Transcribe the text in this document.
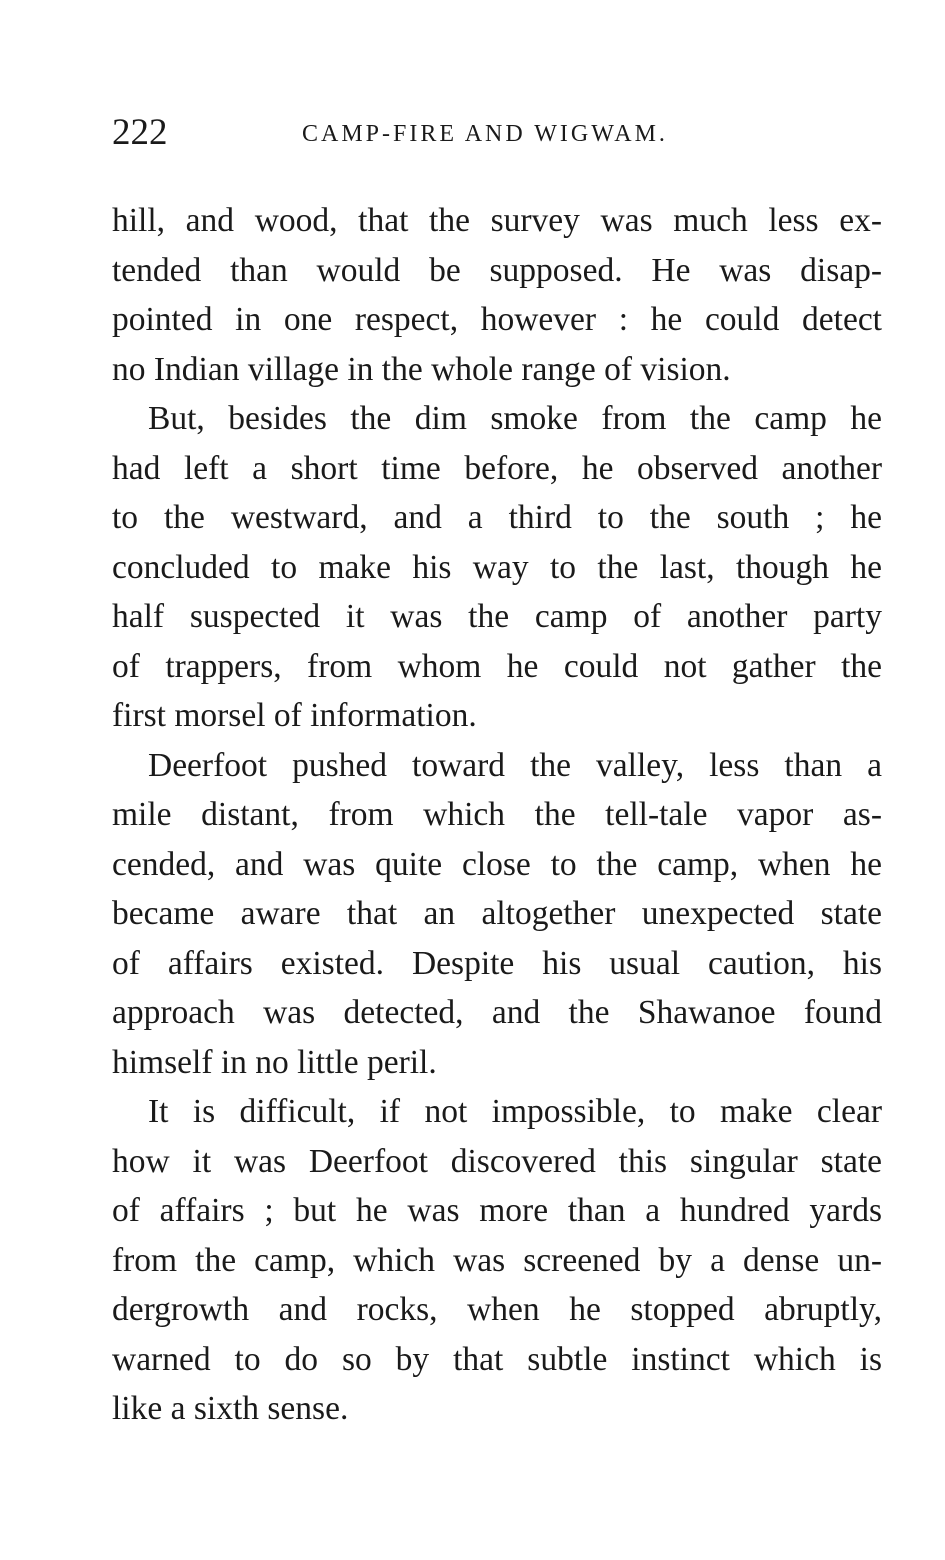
222	CAMP-FIRE AND WIGWAM.
hill, and wood, that the survey was much less ex-
tended than would be supposed. He was disap-
pointed in one respect, however : he could detect
no Indian village in the whole range of vision.
But, besides the dim smoke from the camp he
had left a short time before, he observed another
to the westward, and a third to the south ; he
concluded to make his way to the last, though he
half suspected it was the camp of another party
of trappers, from whom he could not gather the
first morsel of information.
Deerfoot pushed toward the valley, less than a
mile distant, from which the tell-tale vapor as-
cended, and was quite close to the camp, when he
became aware that an altogether unexpected state
of affairs existed. Despite his usual caution, his
approach was detected, and the Shawanoe found
himself in no little peril.
It is difficult, if not impossible, to make clear
how it was Deerfoot discovered this singular state
of affairs ; but he was more than a hundred yards
from the camp, which was screened by a dense un-
dergrowth and rocks, when he stopped abruptly,
warned to do so by that subtle instinct which is
like a sixth sense.
